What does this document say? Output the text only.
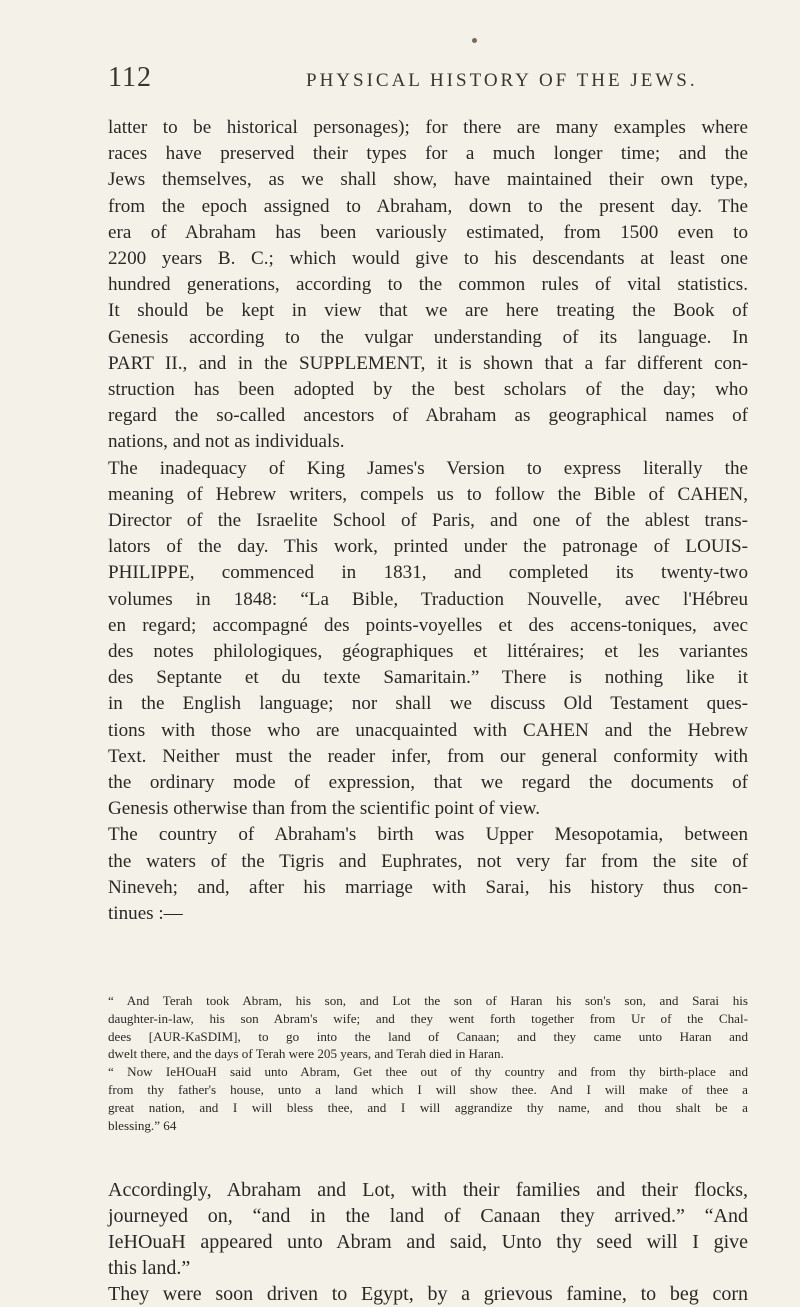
112	PHYSICAL HISTORY OF THE JEWS.
latter to be historical personages); for there are many examples where
races have preserved their types for a much longer time; and the
Jews themselves, as we shall show, have maintained their own type,
from the epoch assigned to Abraham, down to the present day. The
era of Abraham has been variously estimated, from 1500 even to
2200 years B. C.; which would give to his descendants at least one
hundred generations, according to the common rules of vital statistics.
It should be kept in view that we are here treating the Book of
Genesis according to the vulgar understanding of its language. In
PART II., and in the SUPPLEMENT, it is shown that a far different con-
struction has been adopted by the best scholars of the day; who
regard the so-called ancestors of Abraham as geographical names of
nations, and not as individuals.
The inadequacy of King James's Version to express literally the
meaning of Hebrew writers, compels us to follow the Bible of CAHEN,
Director of the Israelite School of Paris, and one of the ablest trans-
lators of the day. This work, printed under the patronage of LOUIS-
PHILIPPE, commenced in 1831, and completed its twenty-two
volumes in 1848: “La Bible, Traduction Nouvelle, avec l'Hébreu
en regard; accompagné des points-voyelles et des accens-toniques, avec
des notes philologiques, géographiques et littéraires; et les variantes
des Septante et du texte Samaritain.” There is nothing like it
in the English language; nor shall we discuss Old Testament ques-
tions with those who are unacquainted with CAHEN and the Hebrew
Text. Neither must the reader infer, from our general conformity with
the ordinary mode of expression, that we regard the documents of
Genesis otherwise than from the scientific point of view.
The country of Abraham's birth was Upper Mesopotamia, between
the waters of the Tigris and Euphrates, not very far from the site of
Nineveh; and, after his marriage with Sarai, his history thus con-
tinues :—
“ And Terah took Abram, his son, and Lot the son of Haran his son's son, and Sarai his
daughter-in-law, his son Abram's wife; and they went forth together from Ur of the Chal-
dees [AUR-KaSDIM], to go into the land of Canaan; and they came unto Haran and
dwelt there, and the days of Terah were 205 years, and Terah died in Haran.
“ Now IeHOuaH said unto Abram, Get thee out of thy country and from thy birth-place and
from thy father's house, unto a land which I will show thee. And I will make of thee a
great nation, and I will bless thee, and I will aggrandize thy name, and thou shalt be a
blessing.” 64
Accordingly, Abraham and Lot, with their families and their flocks,
journeyed on, “and in the land of Canaan they arrived.” “And
IeHOuaH appeared unto Abram and said, Unto thy seed will I give
this land.”
They were soon driven to Egypt, by a grievous famine, to beg corn
